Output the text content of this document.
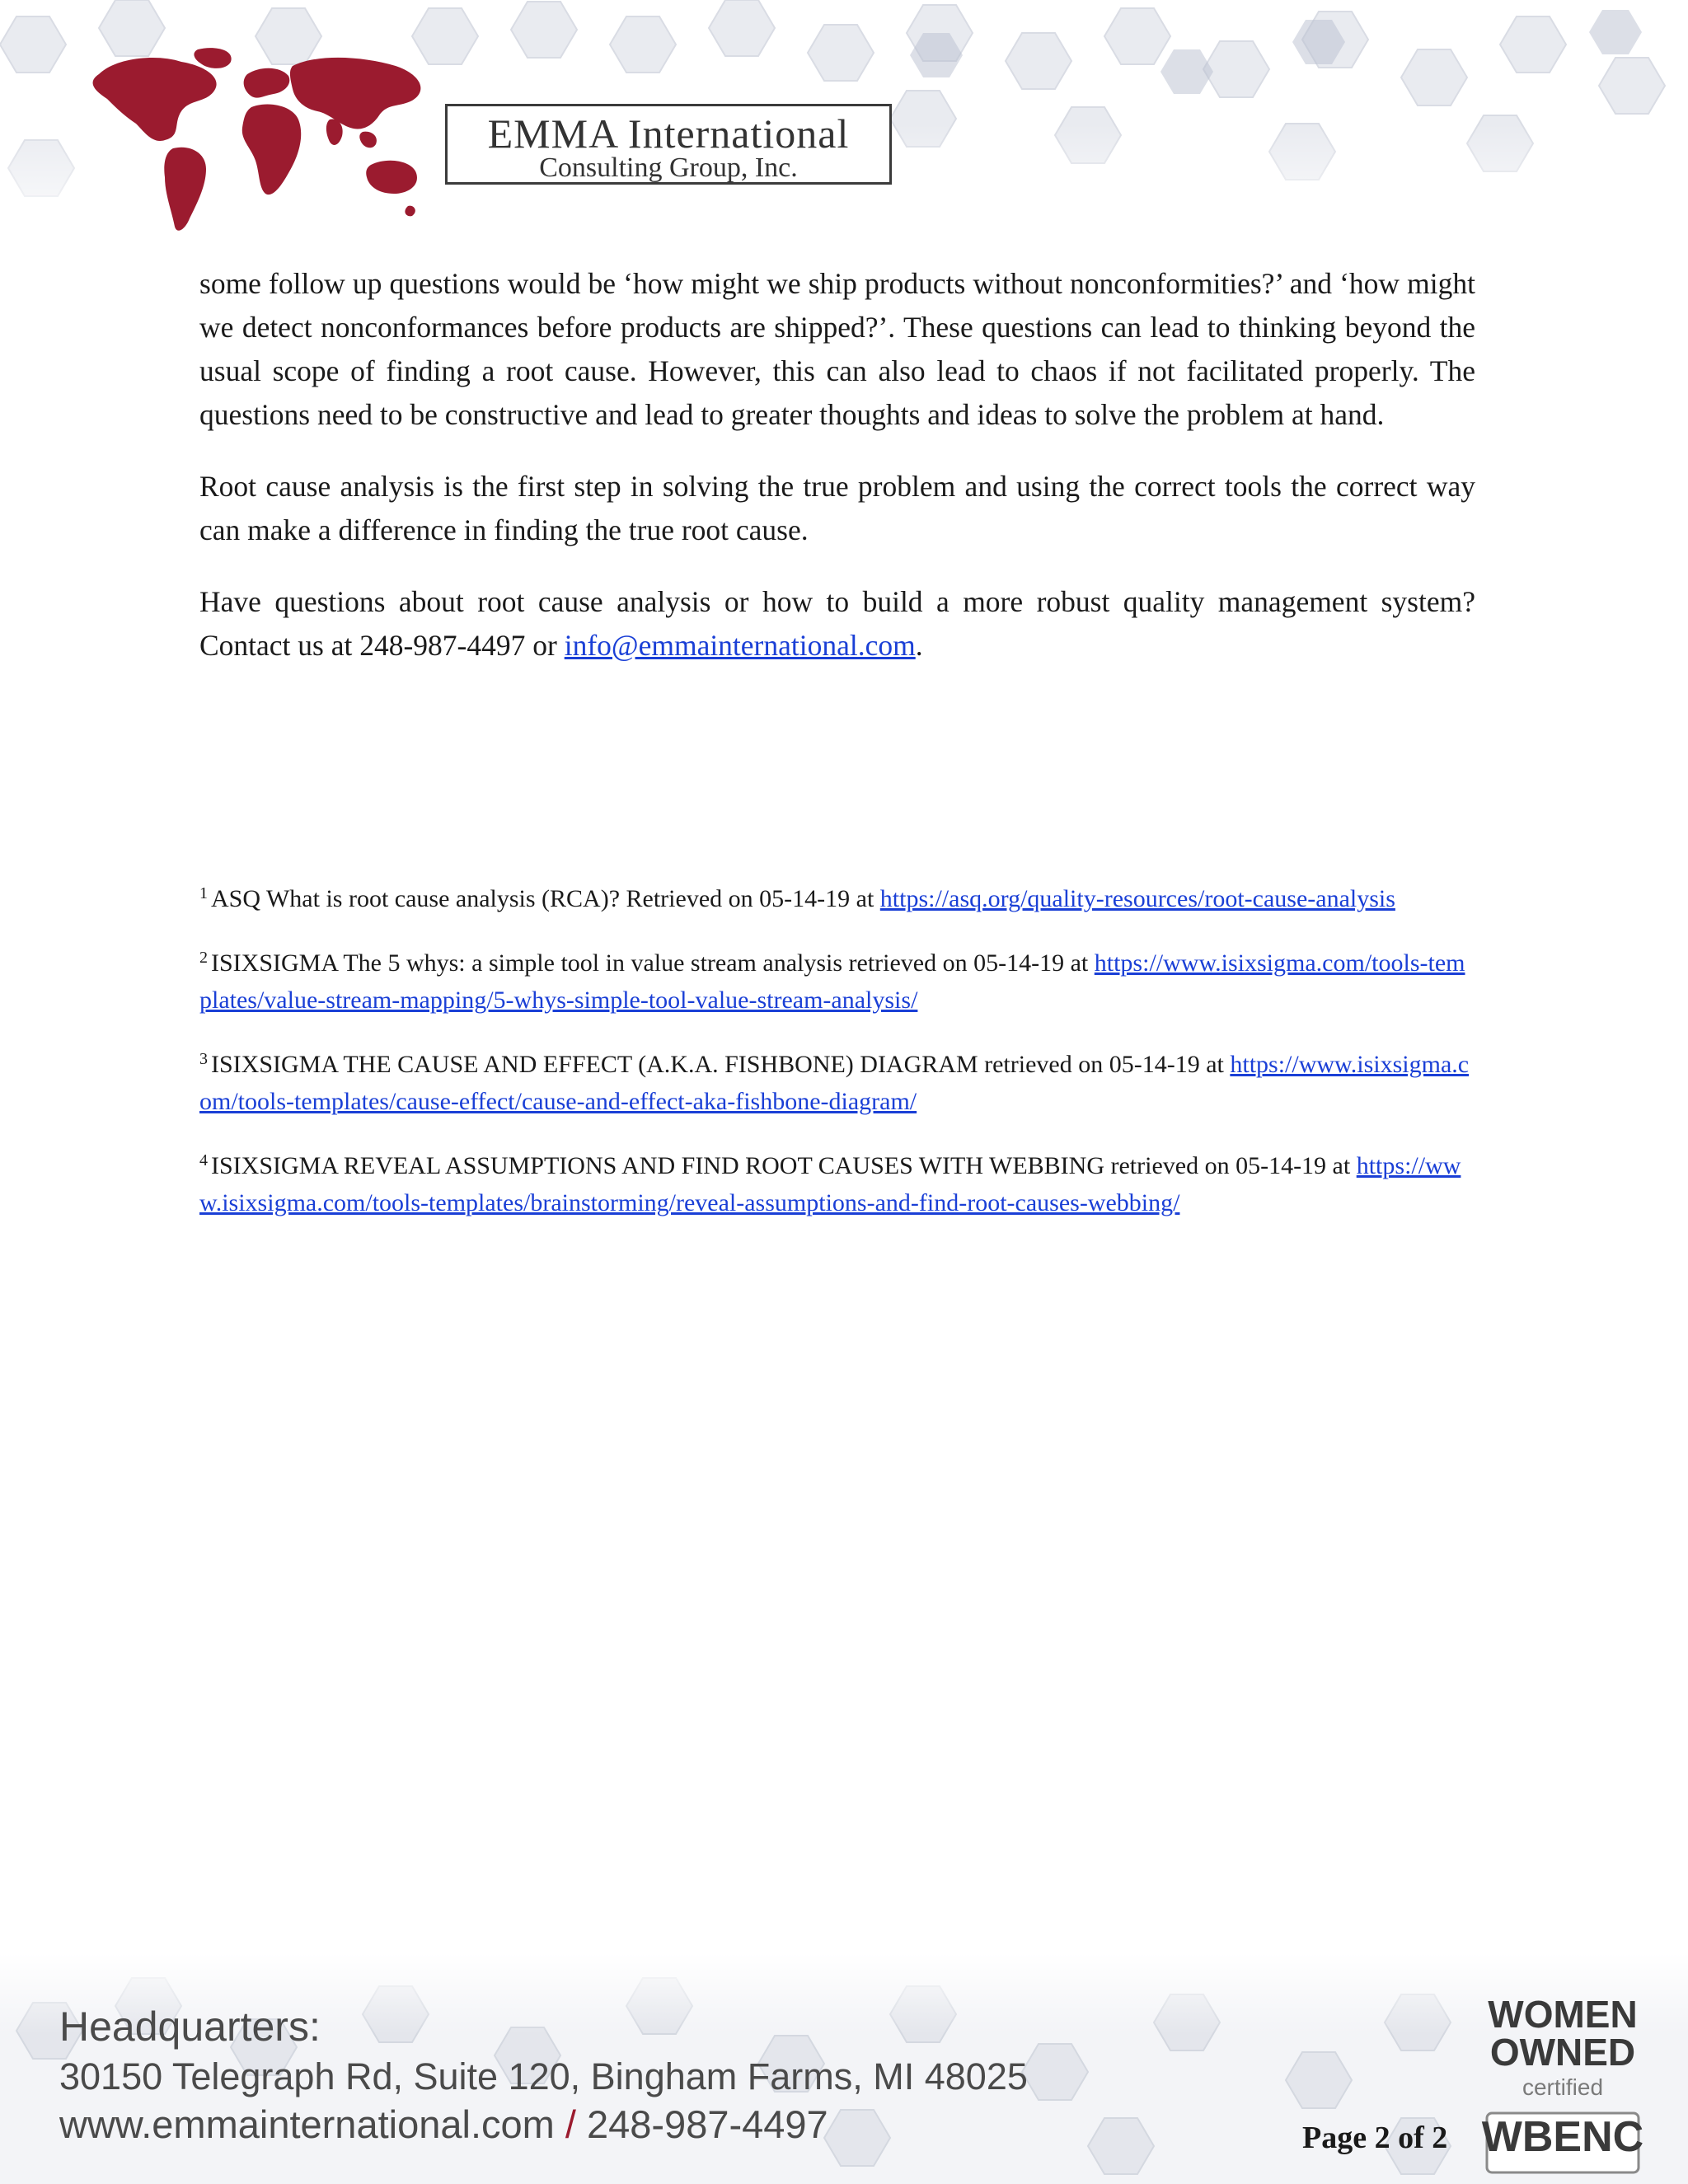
EMMA International
Consulting Group, Inc.

some follow up questions would be ‘how might we ship products without nonconformities?’ and ‘how might we detect nonconformances before products are shipped?’. These questions can lead to thinking beyond the usual scope of finding a root cause. However, this can also lead to chaos if not facilitated properly. The questions need to be constructive and lead to greater thoughts and ideas to solve the problem at hand.

Root cause analysis is the first step in solving the true problem and using the correct tools the correct way can make a difference in finding the true root cause.

Have questions about root cause analysis or how to build a more robust quality management system? Contact us at 248-987-4497 or info@emmainternational.com.

$^1$ ASQ What is root cause analysis (RCA)? Retrieved on 05-14-19 at https://asq.org/quality-resources/root-cause-analysis

$^2$ ISIXSIGMA The 5 whys: a simple tool in value stream analysis retrieved on 05-14-19 at https://www.isixsigma.com/tools-templates/value-stream-mapping/5-whys-simple-tool-value-stream-analysis/

$^3$ ISIXSIGMA THE CAUSE AND EFFECT (A.K.A. FISHBONE) DIAGRAM retrieved on 05-14-19 at https://www.isixsigma.com/tools-templates/cause-effect/cause-and-effect-aka-fishbone-diagram/

$^4$ ISIXSIGMA REVEAL ASSUMPTIONS AND FIND ROOT CAUSES WITH WEBBING retrieved on 05-14-19 at https://www.isixsigma.com/tools-templates/brainstorming/reveal-assumptions-and-find-root-causes-webbing/

Headquarters:
30150 Telegraph Rd, Suite 120, Bingham Farms, MI 48025
www.emmainternational.com / 248-987-4497	Page 2 of 2
WOMEN
OWNED
certified
WBENC
